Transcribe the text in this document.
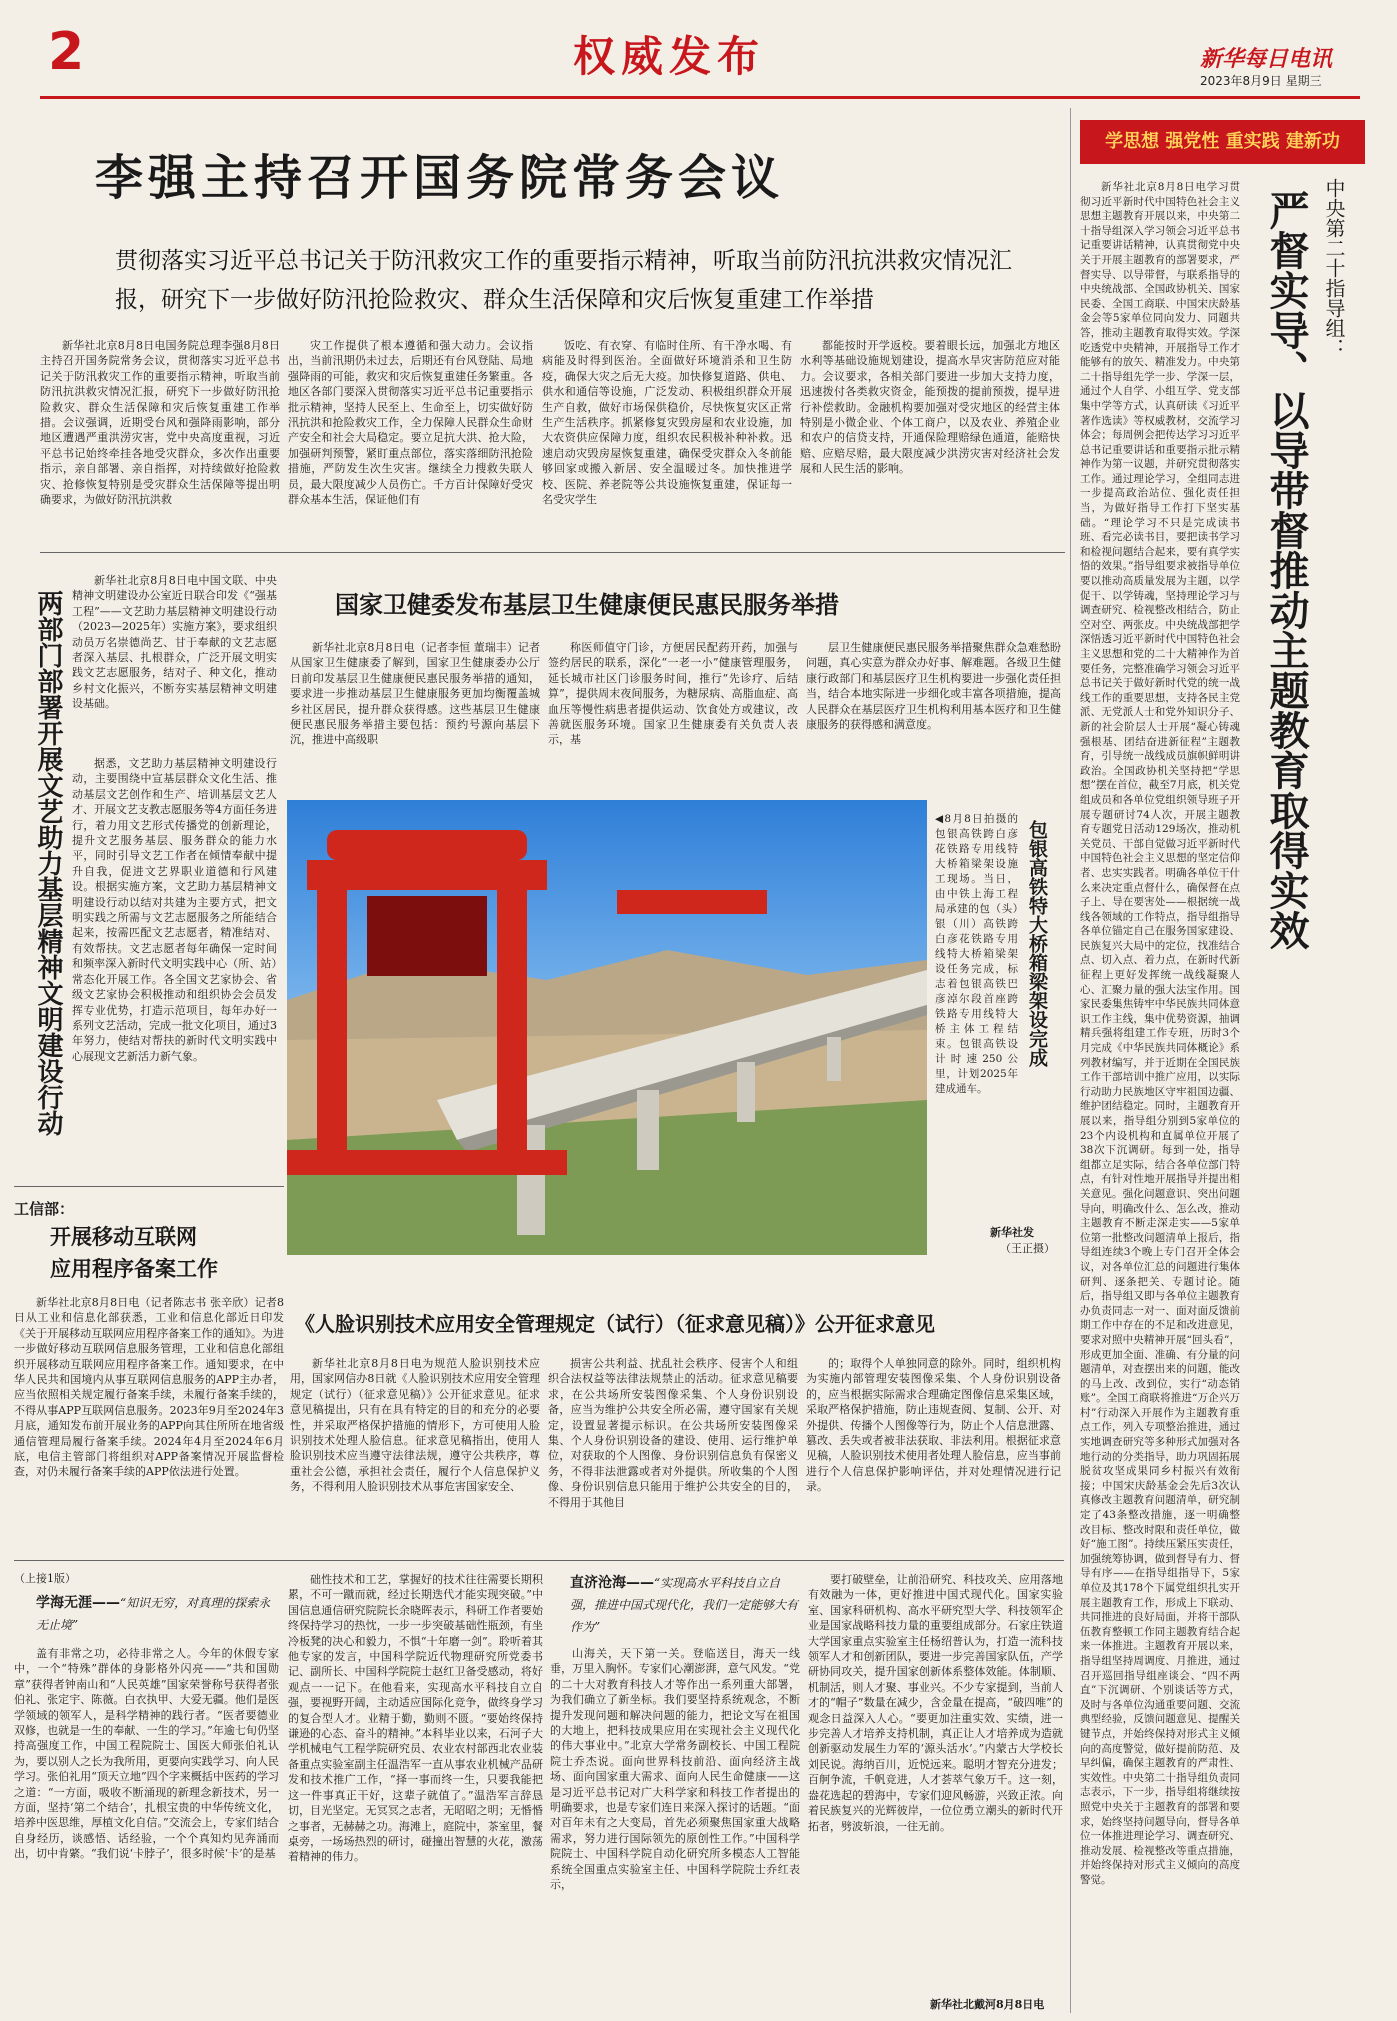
2	权威发布	新华每日电讯
2023年8月9日 星期三
学思想 强党性 重实践 建新功
李强主持召开国务院常务会议
贯彻落实习近平总书记关于防汛救灾工作的重要指示精神，听取当前防汛抗洪救灾情况汇报，研究下一步做好防汛抢险救灾、群众生活保障和灾后恢复重建工作举措

新华社北京8月8日电国务院总理李强8月8日主持召开国务院常务会议，贯彻落实习近平总书记关于防汛救灾工作的重要指示精神，听取当前防汛抗洪救灾情况汇报，研究下一步做好防汛抢险救灾、群众生活保障和灾后恢复重建工作举措。会议强调，近期受台风和强降雨影响，部分地区遭遇严重洪涝灾害，党中央高度重视，习近平总书记始终牵挂各地受灾群众，多次作出重要指示，亲自部署、亲自指挥，对持续做好抢险救灾、抢修恢复特别是受灾群众生活保障等提出明确要求，为做好防汛抗洪救

灾工作提供了根本遵循和强大动力。会议指出，当前汛期仍未过去，后期还有台风登陆、局地强降雨的可能，救灾和灾后恢复重建任务繁重。各地区各部门要深入贯彻落实习近平总书记重要指示批示精神，坚持人民至上、生命至上，切实做好防汛抗洪和抢险救灾工作，全力保障人民群众生命财产安全和社会大局稳定。要立足抗大洪、抢大险，加强研判预警，紧盯重点部位，落实落细防汛抢险措施，严防发生次生灾害。继续全力搜救失联人员，最大限度减少人员伤亡。千方百计保障好受灾群众基本生活，保证他们有

饭吃、有衣穿、有临时住所、有干净水喝、有病能及时得到医治。全面做好环境消杀和卫生防疫，确保大灾之后无大疫。加快修复道路、供电、供水和通信等设施，广泛发动、积极组织群众开展生产自救，做好市场保供稳价，尽快恢复灾区正常生产生活秩序。抓紧修复灾毁房屋和农业设施，加大农资供应保障力度，组织农民积极补种补救。迅速启动灾毁房屋恢复重建，确保受灾群众入冬前能够回家或搬入新居、安全温暖过冬。加快推进学校、医院、养老院等公共设施恢复重建，保证每一名受灾学生

都能按时开学返校。要着眼长远，加强北方地区水利等基础设施规划建设，提高水旱灾害防范应对能力。会议要求，各相关部门要进一步加大支持力度，迅速拨付各类救灾资金，能预拨的提前预拨，提早进行补偿救助。金融机构要加强对受灾地区的经营主体特别是小微企业、个体工商户，以及农业、养殖企业和农户的信贷支持，开通保险理赔绿色通道，能赔快赔、应赔尽赔，最大限度减少洪涝灾害对经济社会发展和人民生活的影响。

新华社北京8月8日电学习贯彻习近平新时代中国特色社会主义思想主题教育开展以来，中央第二十指导组深入学习领会习近平总书记重要讲话精神，认真贯彻党中央关于开展主题教育的部署要求，严督实导、以导带督，与联系指导的中央统战部、全国政协机关、国家民委、全国工商联、中国宋庆龄基金会等5家单位同向发力、同题共答，推动主题教育取得实效。学深吃透党中央精神，开展指导工作才能够有的放矢、精准发力。中央第二十指导组先学一步、学深一层，通过个人自学、小组互学、党支部集中学等方式，认真研读《习近平著作选读》等权威教材，交流学习体会；每周例会把传达学习习近平总书记重要讲话和重要指示批示精神作为第一议题，并研究贯彻落实工作。通过理论学习，全组同志进一步提高政治站位、强化责任担当，为做好指导工作打下坚实基础。“理论学习不只是完成读书班、看完必读书目，要把读书学习和检视问题结合起来，要有真学实悟的效果。”指导组要求被指导单位要以推动高质量发展为主题，以学促干、以学铸魂，坚持理论学习与调查研究、检视整改相结合，防止空对空、两张皮。中央统战部把学深悟透习近平新时代中国特色社会主义思想和党的二十大精神作为首要任务，完整准确学习领会习近平总书记关于做好新时代党的统一战线工作的重要思想，支持各民主党派、无党派人士和党外知识分子、新的社会阶层人士开展“凝心铸魂强根基、团结奋进新征程”主题教育，引导统一战线成员旗帜鲜明讲政治。全国政协机关坚持把“学思想”摆在首位，截至7月底，机关党组成员和各单位党组织领导班子开展专题研讨74人次，开展主题教育专题党日活动129场次，推动机关党员、干部自觉做习近平新时代中国特色社会主义思想的坚定信仰者、忠实实践者。明确各单位干什么来决定重点督什么，确保督在点子上、导在要害处——根据统一战线各领域的工作特点，指导组指导各单位锚定自己在服务国家建设、民族复兴大局中的定位，找准结合点、切入点、着力点，在新时代新征程上更好发挥统一战线凝聚人心、汇聚力量的强大法宝作用。国家民委集焦铸牢中华民族共同体意识工作主线，集中优势资源，抽调精兵强将组建工作专班，历时3个月完成《中华民族共同体概论》系列教材编写，并于近期在全国民族工作干部培训中推广应用，以实际行动助力民族地区守牢祖国边疆、维护团结稳定。同时，主题教育开展以来，指导组分别到5家单位的23个内设机构和直属单位开展了38次下沉调研。每到一处，指导组都立足实际，结合各单位部门特点，有针对性地开展指导并提出相关意见。强化问题意识、突出问题导向，明确改什么、怎么改，推动主题教育不断走深走实——5家单位第一批整改问题清单上报后，指导组连续3个晚上专门召开全体会议，对各单位汇总的问题进行集体研判、逐条把关、专题讨论。随后，指导组又即与各单位主题教育办负责同志一对一、面对面反馈前期工作中存在的不足和改进意见，要求对照中央精神开展“回头看”，形成更加全面、准确、有分量的问题清单，对查摆出来的问题，能改的马上改、改到位，实行“动态销账”。全国工商联将推进“万企兴万村”行动深入开展作为主题教育重点工作，列入专项整治推进，通过实地调查研究等多种形式加强对各地行动的分类指导，助力巩固拓展脱贫攻坚成果同乡村振兴有效衔接；中国宋庆龄基金会先后3次认真修改主题教育问题清单，研究制定了43条整改措施，逐一明确整改目标、整改时限和责任单位，做好“施工图”。持续压紧压实责任，加强统筹协调，做到督导有力、督导有序——在指导组指导下，5家单位及其178个下属党组织扎实开展主题教育工作，形成上下联动、共同推进的良好局面，并将干部队伍教育整顿工作同主题教育结合起来一体推进。主题教育开展以来，指导组坚持周调度、月推进，通过召开巡回指导组座谈会、“四不两直”下沉调研、个别谈话等方式，及时与各单位沟通重要问题、交流典型经验，反馈问题意见、提醒关键节点，并始终保持对形式主义倾向的高度警觉，做好提前防范、及早纠偏，确保主题教育的严肃性、实效性。中央第二十指导组负责同志表示，下一步，指导组将继续按照党中央关于主题教育的部署和要求，始终坚持问题导向，督导各单位一体推进理论学习、调查研究、推动发展、检视整改等重点措施，并始终保持对形式主义倾向的高度警觉。

中央第二十指导组：
严督实导、以导带督推动主题教育取得实效
两部门部署开展文艺助力基层精神文明建设行动

新华社北京8月8日电中国文联、中央精神文明建设办公室近日联合印发《“强基工程”——文艺助力基层精神文明建设行动（2023—2025年）实施方案》，要求组织动员万名崇德尚艺、甘于奉献的文艺志愿者深入基层、扎根群众，广泛开展文明实践文艺志愿服务，结对子、种文化，推动乡村文化振兴，不断夯实基层精神文明建设基础。

据悉，文艺助力基层精神文明建设行动，主要围绕中宣基层群众文化生活、推动基层文艺创作和生产、培训基层文艺人才、开展文艺支教志愿服务等4方面任务进行，着力用文艺形式传播党的创新理论，提升文艺服务基层、服务群众的能力水平，同时引导文艺工作者在倾情奉献中提升自我，促进文艺界职业道德和行风建设。根据实施方案，文艺助力基层精神文明建设行动以结对共建为主要方式，把文明实践之所需与文艺志愿服务之所能结合起来，按需匹配文艺志愿者，精准结对、有效帮扶。文艺志愿者每年确保一定时间和频率深入新时代文明实践中心（所、站）常态化开展工作。各全国文艺家协会、省级文艺家协会积极推动和组织协会会员发挥专业优势，打造示范项目，每年办好一系列文艺活动，完成一批文化项目，通过3年努力，使结对帮扶的新时代文明实践中心展现文艺新活力新气象。

工信部：
开展移动互联网
应用程序备案工作

新华社北京8月8日电（记者陈志书 张辛欣）记者8日从工业和信息化部获悉，工业和信息化部近日印发《关于开展移动互联网应用程序备案工作的通知》。为进一步做好移动互联网信息服务管理，工业和信息化部组织开展移动互联网应用程序备案工作。通知要求，在中华人民共和国境内从事互联网信息服务的APP主办者，应当依照相关规定履行备案手续，未履行备案手续的，不得从事APP互联网信息服务。2023年9月至2024年3月底，通知发布前开展业务的APP向其住所所在地省级通信管理局履行备案手续。2024年4月至2024年6月底，电信主管部门将组织对APP备案情况开展监督检查，对仍未履行备案手续的APP依法进行处置。

国家卫健委发布基层卫生健康便民惠民服务举措

新华社北京8月8日电（记者李恒 董瑞丰）记者从国家卫生健康委了解到，国家卫生健康委办公厅日前印发基层卫生健康便民惠民服务举措的通知，要求进一步推动基层卫生健康服务更加均衡覆盖城乡社区居民，提升群众获得感。这些基层卫生健康便民惠民服务举措主要包括：预约号源向基层下沉，推进中高级职

称医师值守门诊，方便居民配药开药，加强与签约居民的联系，深化“一老一小”健康管理服务，延长城市社区门诊服务时间，推行“先诊疗、后结算”，提供周末夜间服务，为糖尿病、高脂血症、高血压等慢性病患者提供运动、饮食处方或建议，改善就医服务环境。国家卫生健康委有关负责人表示，基

层卫生健康便民惠民服务举措聚焦群众急难愁盼问题，真心实意为群众办好事、解难题。各级卫生健康行政部门和基层医疗卫生机构要进一步强化责任担当，结合本地实际进一步细化或丰富各项措施，提高人民群众在基层医疗卫生机构利用基本医疗和卫生健康服务的获得感和满意度。

◀8月8日拍摄的包银高铁跨白彦花铁路专用线特大桥箱梁架设施工现场。当日，由中铁上海工程局承建的包（头）银（川）高铁跨白彦花铁路专用线特大桥箱梁架设任务完成，标志着包银高铁巴彦淖尔段首座跨铁路专用线特大桥主体工程结束。包银高铁设计时速250公里，计划2025年建成通车。
包银高铁特大桥箱梁架设完成
新华社发
（王正摄）
《人脸识别技术应用安全管理规定（试行）（征求意见稿）》公开征求意见

新华社北京8月8日电为规范人脸识别技术应用，国家网信办8日就《人脸识别技术应用安全管理规定（试行）（征求意见稿）》公开征求意见。征求意见稿提出，只有在具有特定的目的和充分的必要性，并采取严格保护措施的情形下，方可使用人脸识别技术处理人脸信息。征求意见稿指出，使用人脸识别技术应当遵守法律法规，遵守公共秩序，尊重社会公德，承担社会责任，履行个人信息保护义务，不得利用人脸识别技术从事危害国家安全、

损害公共利益、扰乱社会秩序、侵害个人和组织合法权益等法律法规禁止的活动。征求意见稿要求，在公共场所安装图像采集、个人身份识别设备，应当为维护公共安全所必需，遵守国家有关规定，设置显著提示标识。在公共场所安装图像采集、个人身份识别设备的建设、使用、运行维护单位，对获取的个人图像、身份识别信息负有保密义务，不得非法泄露或者对外提供。所收集的个人图像、身份识别信息只能用于维护公共安全的目的，不得用于其他目

的；取得个人单独同意的除外。同时，组织机构为实施内部管理安装图像采集、个人身份识别设备的，应当根据实际需求合理确定图像信息采集区域，采取严格保护措施，防止违规查阅、复制、公开、对外提供、传播个人图像等行为，防止个人信息泄露、篡改、丢失或者被非法获取、非法利用。根据征求意见稿，人脸识别技术使用者处理人脸信息，应当事前进行个人信息保护影响评估，并对处理情况进行记录。

（上接1版）
学海无涯——“知识无穷，对真理的探索永无止境”

盖有非常之功，必待非常之人。今年的休假专家中，一个“特殊”群体的身影格外闪亮——“共和国勋章”获得者钟南山和“人民英雄”国家荣誉称号获得者张伯礼、张定宇、陈薇。白衣执甲、大爱无疆。他们是医学领域的领军人，是科学精神的践行者。“医者要德业双修，也就是一生的奉献、一生的学习。”年逾七旬仍坚持高强度工作，中国工程院院士、国医大师张伯礼认为，要以别人之长为我所用，更要向实践学习、向人民学习。张伯礼用“顶天立地”四个字来概括中医药的学习之道：“一方面，吸收不断涌现的新理念新技术，另一方面，坚持‘第二个结合’，扎根宝贵的中华传统文化，培养中医思维，厚植文化自信。”交流会上，专家们结合自身经历，谈感悟、话经验，一个个真知灼见奔涌而出，切中肯綮。“我们说‘卡脖子’，很多时候‘卡’的是基

础性技术和工艺，掌握好的技术往往需要长期积累，不可一蹴而就，经过长期迭代才能实现突破。”中国信息通信研究院院长余晓晖表示，科研工作者要始终保持学习的热忱，一步一步突破基础性瓶颈，有坐冷板凳的决心和毅力，不惧“十年磨一剑”。聆听着其他专家的发言，中国科学院近代物理研究所党委书记、副所长、中国科学院院士赵红卫备受感动，将好观点一一记下。在他看来，实现高水平科技自立自强，要视野开阔，主动适应国际化竞争，做终身学习的复合型人才。业精于勤，勤则不匮。“要始终保持谦逊的心态、奋斗的精神。”本科毕业以来，石河子大学机械电气工程学院研究员、农业农村部西北农业装备重点实验室副主任温浩军一直从事农业机械产品研发和技术推广工作，“择一事而终一生，只要我能把这一件事真正干好，这辈子就值了。”温浩军言辞恳切，目光坚定。无冥冥之志者，无昭昭之明；无惛惛之事者，无赫赫之功。海滩上，庭院中，茶室里，餐桌旁，一场场热烈的研讨，碰撞出智慧的火花，激荡着精神的伟力。

直济沧海——“实现高水平科技自立自强，推进中国式现代化，我们一定能够大有作为”

山海关，天下第一关。登临送目，海天一线垂，万里入胸怀。专家们心潮澎湃，意气风发。“党的二十大对教育科技人才等作出一系列重大部署，为我们确立了新坐标。我们要坚持系统观念，不断提升发现问题和解决问题的能力，把论文写在祖国的大地上，把科技成果应用在实现社会主义现代化的伟大事业中。”北京大学常务副校长、中国工程院院士乔杰说。面向世界科技前沿、面向经济主战场、面向国家重大需求、面向人民生命健康——这是习近平总书记对广大科学家和科技工作者提出的明确要求，也是专家们连日来深入探讨的话题。“面对百年未有之大变局，首先必须聚焦国家重大战略需求，努力进行国际领先的原创性工作。”中国科学院院士、中国科学院自动化研究所多模态人工智能系统全国重点实验室主任、中国科学院院士乔红表示，

要打破壁垒，让前沿研究、科技攻关、应用落地有效融为一体，更好推进中国式现代化。国家实验室、国家科研机构、高水平研究型大学、科技领军企业是国家战略科技力量的重要组成部分。石家庄铁道大学国家重点实验室主任杨绍普认为，打造一流科技领军人才和创新团队，要进一步完善国家队伍，产学研协同攻关，提升国家创新体系整体效能。体制顺、机制活，则人才聚、事业兴。不少专家提到，当前人才的“帽子”数量在减少，含金量在提高，“破四唯”的观念日益深入人心。“要更加注重实效、实绩，进一步完善人才培养支持机制，真正让人才培养成为造就创新驱动发展生力军的‘源头活水’。”内蒙古大学校长刘民说。海纳百川，近悦远来。聪明才智充分进发；百舸争流，千帆竞进，人才荟萃气象万千。这一刻，盎花选起的碧海中，专家们迎风畅游，兴致正浓。向着民族复兴的光辉彼岸，一位位勇立潮头的新时代开拓者，劈波斩浪，一往无前。

新华社北戴河8月8日电
